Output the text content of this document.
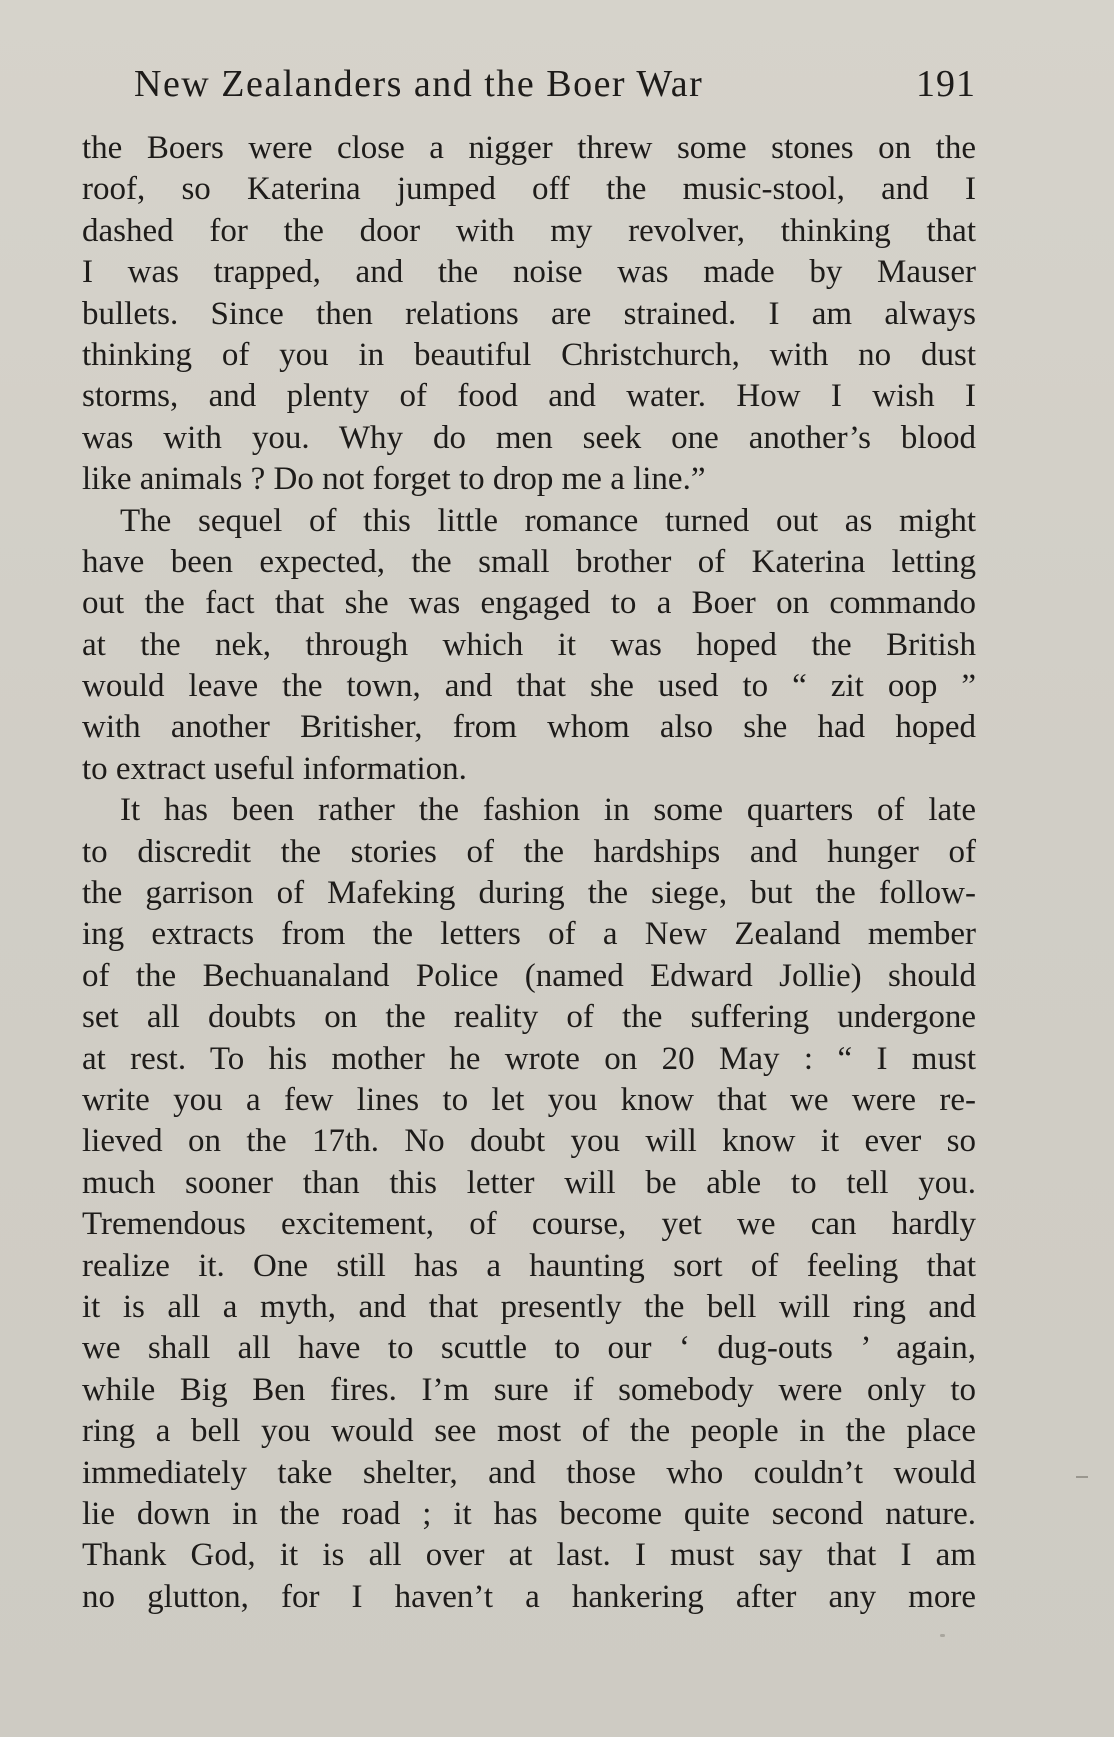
New Zealanders and the Boer War	191
the Boers were close a nigger threw some stones on the
roof, so Katerina jumped off the music-stool, and I
dashed for the door with my revolver, thinking that
I was trapped, and the noise was made by Mauser
bullets. Since then relations are strained. I am always
thinking of you in beautiful Christchurch, with no dust
storms, and plenty of food and water. How I wish I
was with you. Why do men seek one another’s blood
like animals ? Do not forget to drop me a line.”
The sequel of this little romance turned out as might
have been expected, the small brother of Katerina letting
out the fact that she was engaged to a Boer on commando
at the nek, through which it was hoped the British
would leave the town, and that she used to “ zit oop ”
with another Britisher, from whom also she had hoped
to extract useful information.
It has been rather the fashion in some quarters of late
to discredit the stories of the hardships and hunger of
the garrison of Mafeking during the siege, but the follow-
ing extracts from the letters of a New Zealand member
of the Bechuanaland Police (named Edward Jollie) should
set all doubts on the reality of the suffering undergone
at rest. To his mother he wrote on 20 May : “ I must
write you a few lines to let you know that we were re-
lieved on the 17th. No doubt you will know it ever so
much sooner than this letter will be able to tell you.
Tremendous excitement, of course, yet we can hardly
realize it. One still has a haunting sort of feeling that
it is all a myth, and that presently the bell will ring and
we shall all have to scuttle to our ‘ dug-outs ’ again,
while Big Ben fires. I’m sure if somebody were only to
ring a bell you would see most of the people in the place
immediately take shelter, and those who couldn’t would
lie down in the road ; it has become quite second nature.
Thank God, it is all over at last. I must say that I am
no glutton, for I haven’t a hankering after any more
